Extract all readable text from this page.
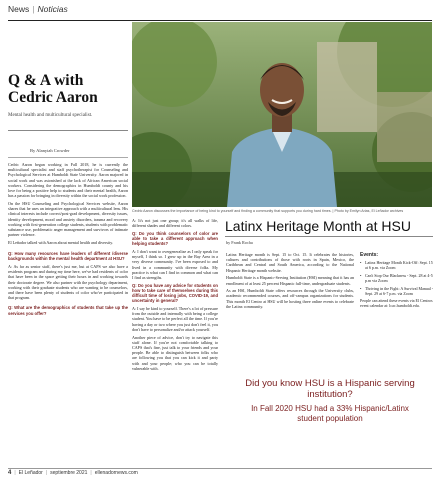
News | Noticias
Q & A with
Cedric Aaron
Mental health and multicultural specialist.
By Alanyiah Crowder

Cedric Aaron began working in Fall 2018, he is currently the multicultural specialist and staff psychotherapist for Counseling and Psychological Services at Humboldt State University. Aaron majored in social work and was astonished at the lack of African American social workers. Considering the demographics in Humboldt county and his love for being a positive help to students and their mental health, Aaron has a passion for bringing in diversity within the social work profession.

On the HSU Counseling and Psychological Services website, Aaron shares that he uses an integrative approach with a multicultural lens. His clinical interests include correct/post-grad development, diversity issues, identity development, mood and anxiety disorders, trauma and recovery working with first-generation college students, students with problematic substance use, problematic anger management and survivors of intimate partner violence.

El Leñador talked with Aaron about mental health and diversity.

Q: How many resources have leaders of different /diverse backgrounds within the mental health department at HSU?

A: As far as senior staff, there's just me, but at CAPS we also have a residents program and during my time here, we've had residents of color that have been in the space getting their hours in and working towards their doctorate degree. We also partner with the psychology department, working with their graduate students who are wanting to be counselors, and there have been plenty of students of color who've participated in that program.

Q: What are the demographics of students that take up the services you offer?

Cedric Aaron discusses the importance of being kind to yourself and finding a community that supports you during hard times. | Photo by Emilyn Arias, El Leñador archives

A: It's not just one group; it's all walks of life, different shades and different colors.

Q: Do you think counselors of color are able to take a different approach when helping students?

A: I don't want to overgeneralize as I only speak for myself, I think so. I grew up in the Bay Area in a very diverse community. I've been exposed to and lived in a community with diverse folks. My practice is what can I find in common and what can I find as strengths.

Q: Do you have any advice for students on how to take care of themselves during this difficult time of losing jobs, COVID-19, and uncertainty in general?

A: I say be kind to yourself. There's a lot of pressure from the outside and internally with being a college student. You have to be perfect all the time. If you're having a day or two where you just don't feel it, you don't have to personalize and/or attack yourself.

Another piece of advice, don't try to navigate this stuff alone. If you're not comfortable talking to CAPS that's fine, just talk to your friends and your people. Be able to distinguish between folks who are following you that you can kick it and party with and your people; who you can be totally vulnerable with.

Latinx Heritage Month at HSU
by Frank Rocha

Latinx Heritage month is Sept. 15 to Oct. 15. It celebrates the histories, cultures and contributions of those with roots in Spain, Mexico, the Caribbean and Central and South America, according to the National Hispanic Heritage month website.

Humboldt State is a Hispanic-Serving Institution (HSI) meaning that it has an enrollment of at least 25 percent Hispanic full-time, undergraduate students.

As an HSI, Humboldt State offers resources through the University clubs, academic recommended courses, and off-campus organizations for students. This month El Centro at HSU will be hosting three online events to celebrate the Latinx community.

Events:
• Latinx Heritage Month Kick-Off: Sept. 15 at 6 p.m. via Zoom
• Can't Stop Our Blackness - Sept. 28 at 4-5 p.m via Zoom
• Thriving in the Fight: A Survival Manual - Sept. 29 at 6-7 p.m. via Zoom
People can attend these events via El Centros event calendar at: lcac.humboldt.edu.
Did you know HSU is a Hispanic serving institution?
In Fall 2020 HSU had a 33% Hispanic/Latinx
student population
4 | El Leñador | septiembre 2021 | ellenadornews.com
